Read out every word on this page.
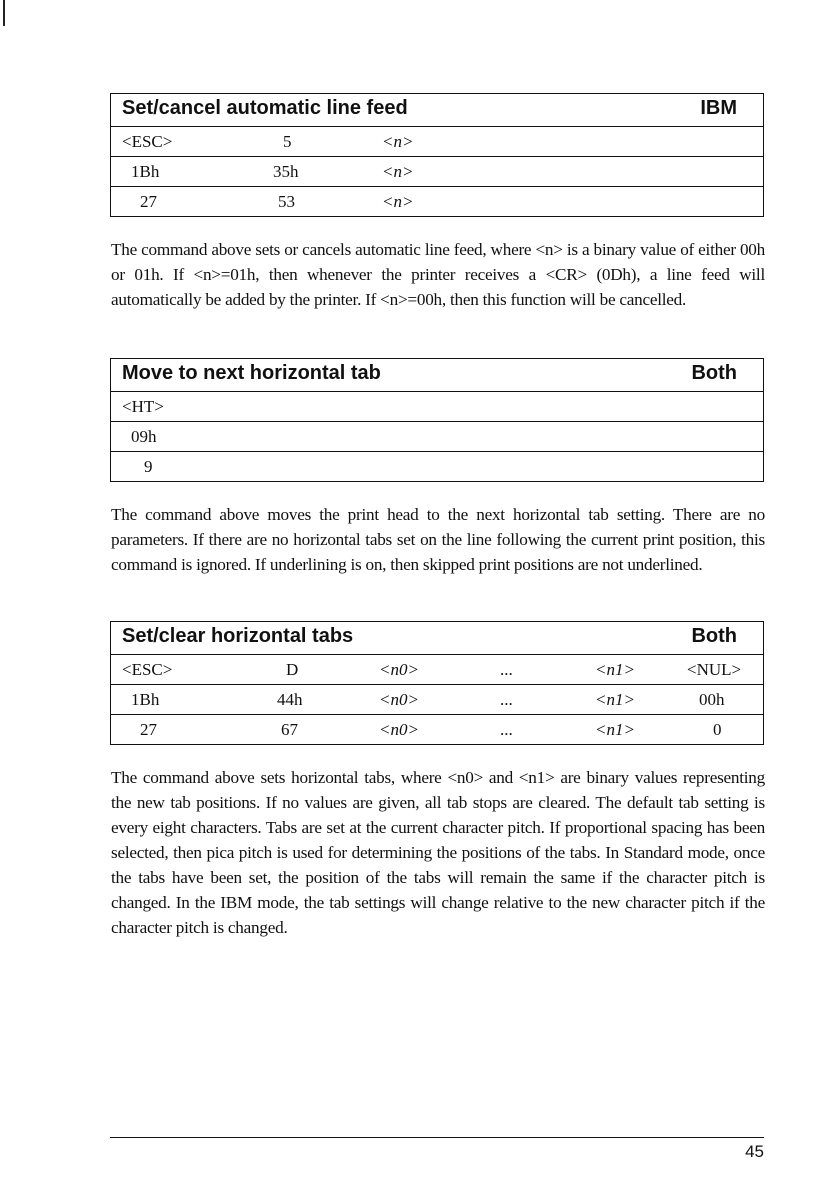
Set/cancel automatic line feed	IBM
<ESC>	5	<n>
1Bh	35h	<n>
27	53	<n>

The command above sets or cancels automatic line feed, where <n> is a binary value of either 00h or 01h. If <n>=01h, then whenever the printer receives a <CR> (0Dh), a line feed will automatically be added by the printer. If <n>=00h, then this function will be cancelled.

Move to next horizontal tab	Both
<HT>
09h
9

The command above moves the print head to the next horizontal tab setting. There are no parameters. If there are no horizontal tabs set on the line following the current print position, this command is ignored. If underlining is on, then skipped print positions are not underlined.

Set/clear horizontal tabs	Both
<ESC>	D	<n0>	...	<n1>	<NUL>
1Bh	44h	<n0>	...	<n1>	00h
27	67	<n0>	...	<n1>	0

The command above sets horizontal tabs, where <n0> and <n1> are binary values representing the new tab positions. If no values are given, all tab stops are cleared. The default tab setting is every eight characters. Tabs are set at the current character pitch. If proportional spacing has been selected, then pica pitch is used for determining the positions of the tabs. In Standard mode, once the tabs have been set, the position of the tabs will remain the same if the character pitch is changed. In the IBM mode, the tab settings will change relative to the new character pitch if the character pitch is changed.

45
